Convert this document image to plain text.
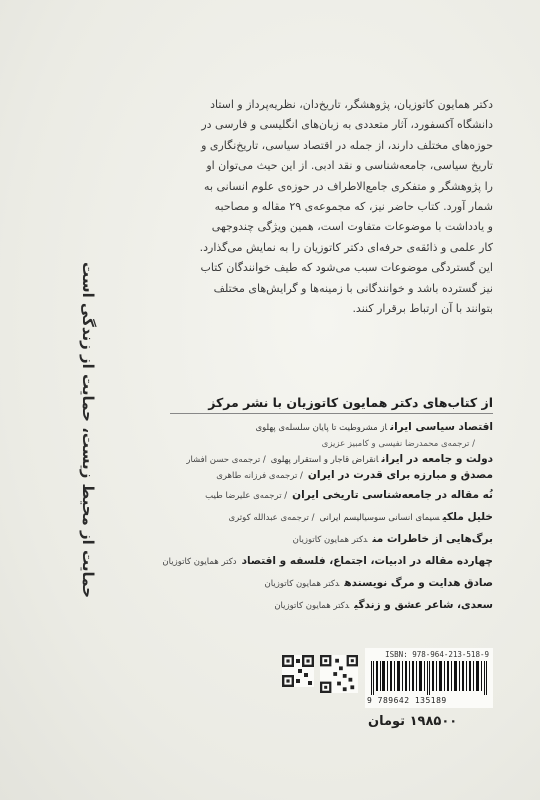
حمایت از محیط زیست، حمایت از زندگی است

دکتر همایون کاتوزیان، پژوهشگر، تاریخ‌دان، نظریه‌پرداز و استاد

دانشگاه آکسفورد، آثار متعددی به زبان‌های انگلیسی و فارسی در

حوزه‌های مختلف دارند، از جمله در اقتصاد سیاسی، تاریخ‌نگاری و

تاریخ سیاسی، جامعه‌شناسی و نقد ادبی. از این حیث می‌توان او

را پژوهشگر و متفکری جامع‌الاطراف در حوزه‌ی علوم انسانی به

شمار آورد. کتاب حاضر نیز، که مجموعه‌ی ۲۹ مقاله و مصاحبه

و یادداشت با موضوعات متفاوت است، همین ویژگی چندوجهی

کار علمی و ذائقه‌ی حرفه‌ای دکتر کاتوزیان را به نمایش می‌گذارد.

این گستردگی موضوعات سبب می‌شود که طیف خوانندگان کتاب

نیز گسترده باشد و خوانندگانی با زمینه‌ها و گرایش‌های مختلف

بتوانند با آن ارتباط برقرار کنند.

از کتاب‌های دکتر همایون کاتوزیان با نشر مرکز
اقتصاد سیاسی ایراناز مشروطیت تا پایان سلسله‌ی پهلوی
/ ترجمه‌ی محمدرضا نفیسی و کامبیز عزیزی
دولت و جامعه در ایرانانقراض قاجار و استقرار پهلوی/ ترجمه‌ی حسن افشار
مصدق و مبارزه برای قدرت در ایران/ ترجمه‌ی فرزانه طاهری
نُه مقاله در جامعه‌شناسی تاریخی ایران/ ترجمه‌ی علیرضا طیب
خلیل ملکیسیمای انسانی سوسیالیسم ایرانی/ ترجمه‌ی عبدالله کوثری
برگ‌هایی از خاطرات مندکتر همایون کاتوزیان
چهارده مقاله در ادبیات، اجتماع، فلسفه و اقتصاددکتر همایون کاتوزیان
صادق هدایت و مرگ نویسندهدکتر همایون کاتوزیان
سعدی، شاعر عشق و زندگیدکتر همایون کاتوزیان
ISBN: 978-964-213-518-9
9 789642 135189
۱۹۸۵۰۰ تومان
